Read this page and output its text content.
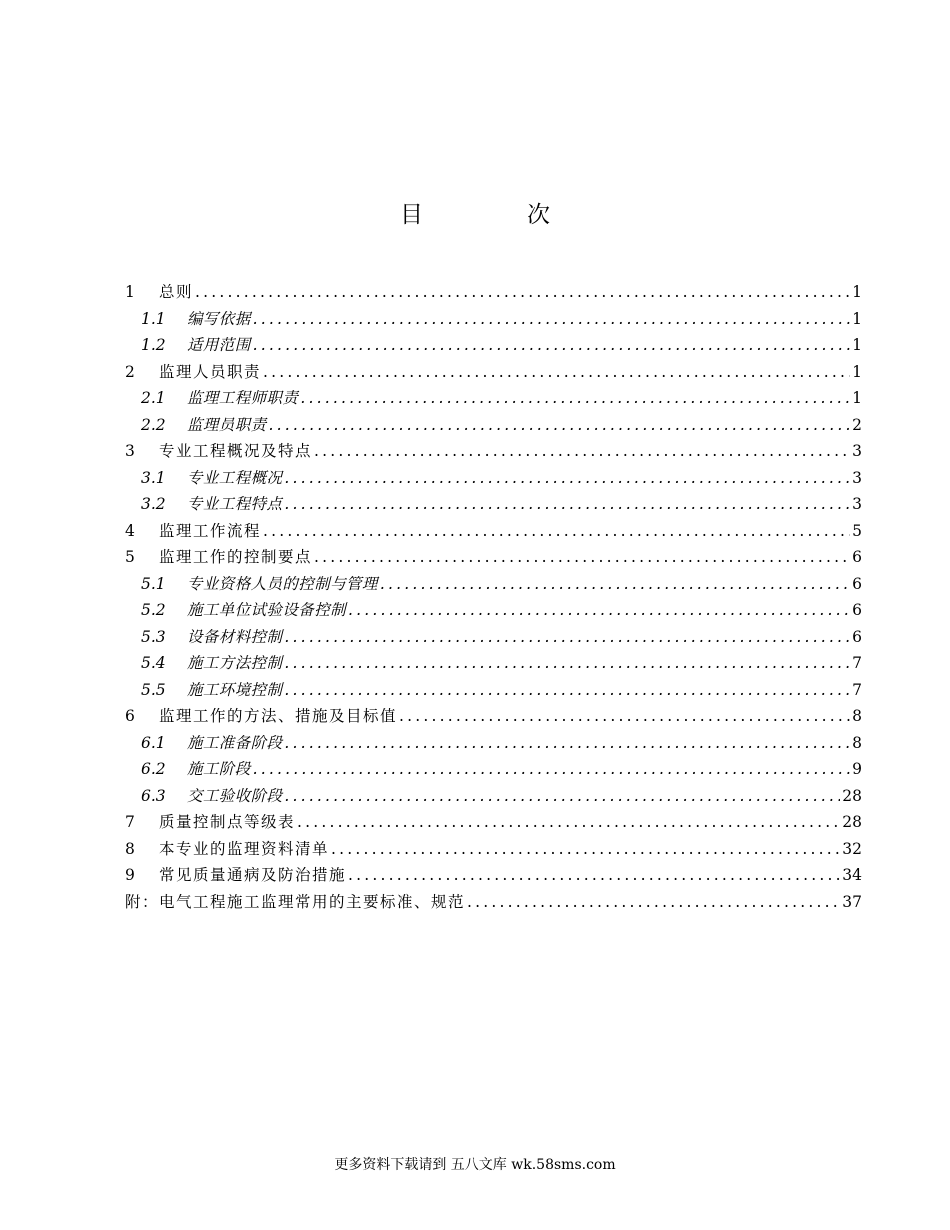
目	次
1	总则 .....	1
1.1	编写依据 .....	1
1.2	适用范围 .....	1
2	监理人员职责 .....	1
2.1	监理工程师职责 .....	1
2.2	监理员职责 .....	2
3	专业工程概况及特点 .....	3
3.1	专业工程概况 .....	3
3.2	专业工程特点 .....	3
4	监理工作流程 .....	5
5	监理工作的控制要点 .....	6
5.1	专业资格人员的控制与管理 .....	6
5.2	施工单位试验设备控制 .....	6
5.3	设备材料控制 .....	6
5.4	施工方法控制 .....	7
5.5	施工环境控制 .....	7
6	监理工作的方法、措施及目标值 .....	8
6.1	施工准备阶段 .....	8
6.2	施工阶段 .....	9
6.3	交工验收阶段 .....	28
7	质量控制点等级表 .....	28
8	本专业的监理资料清单 .....	32
9	常见质量通病及防治措施 .....	34
附：电气工程施工监理常用的主要标准、规范 .....	37
更多资料下载请到 五八文库 wk.58sms.com
